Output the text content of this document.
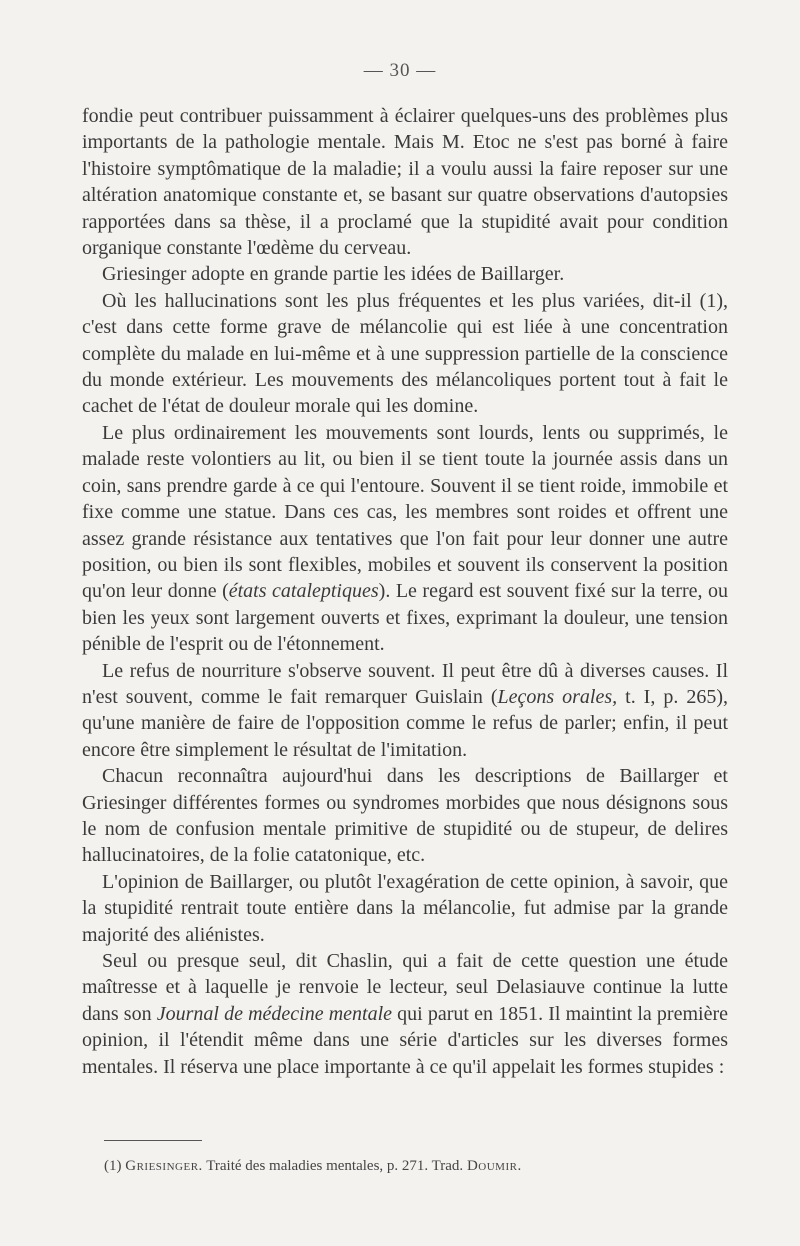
— 30 —

fondie peut contribuer puissamment à éclairer quelques-uns des problèmes plus importants de la pathologie mentale. Mais M. Etoc ne s'est pas borné à faire l'histoire symptômatique de la maladie; il a voulu aussi la faire reposer sur une altération anatomique constante et, se basant sur quatre observations d'autopsies rapportées dans sa thèse, il a proclamé que la stupidité avait pour condition organique constante l'œdème du cerveau.

Griesinger adopte en grande partie les idées de Baillarger.

Où les hallucinations sont les plus fréquentes et les plus variées, dit-il (1), c'est dans cette forme grave de mélancolie qui est liée à une concentration complète du malade en lui-même et à une suppression partielle de la conscience du monde extérieur. Les mouvements des mélancoliques portent tout à fait le cachet de l'état de douleur morale qui les domine.

Le plus ordinairement les mouvements sont lourds, lents ou supprimés, le malade reste volontiers au lit, ou bien il se tient toute la journée assis dans un coin, sans prendre garde à ce qui l'entoure. Souvent il se tient roide, immobile et fixe comme une statue. Dans ces cas, les membres sont roides et offrent une assez grande résistance aux tentatives que l'on fait pour leur donner une autre position, ou bien ils sont flexibles, mobiles et souvent ils conservent la position qu'on leur donne (états cataleptiques). Le regard est souvent fixé sur la terre, ou bien les yeux sont largement ouverts et fixes, exprimant la douleur, une tension pénible de l'esprit ou de l'étonnement.

Le refus de nourriture s'observe souvent. Il peut être dû à diverses causes. Il n'est souvent, comme le fait remarquer Guislain (Leçons orales, t. I, p. 265), qu'une manière de faire de l'opposition comme le refus de parler; enfin, il peut encore être simplement le résultat de l'imitation.

Chacun reconnaîtra aujourd'hui dans les descriptions de Baillarger et Griesinger différentes formes ou syndromes morbides que nous désignons sous le nom de confusion mentale primitive de stupidité ou de stupeur, de delires hallucinatoires, de la folie catatonique, etc.

L'opinion de Baillarger, ou plutôt l'exagération de cette opinion, à savoir, que la stupidité rentrait toute entière dans la mélancolie, fut admise par la grande majorité des aliénistes.

Seul ou presque seul, dit Chaslin, qui a fait de cette question une étude maîtresse et à laquelle je renvoie le lecteur, seul Delasiauve continue la lutte dans son Journal de médecine mentale qui parut en 1851. Il maintint la première opinion, il l'étendit même dans une série d'articles sur les diverses formes mentales. Il réserva une place importante à ce qu'il appelait les formes stupides :

(1) Griesinger. Traité des maladies mentales, p. 271. Trad. Doumir.
